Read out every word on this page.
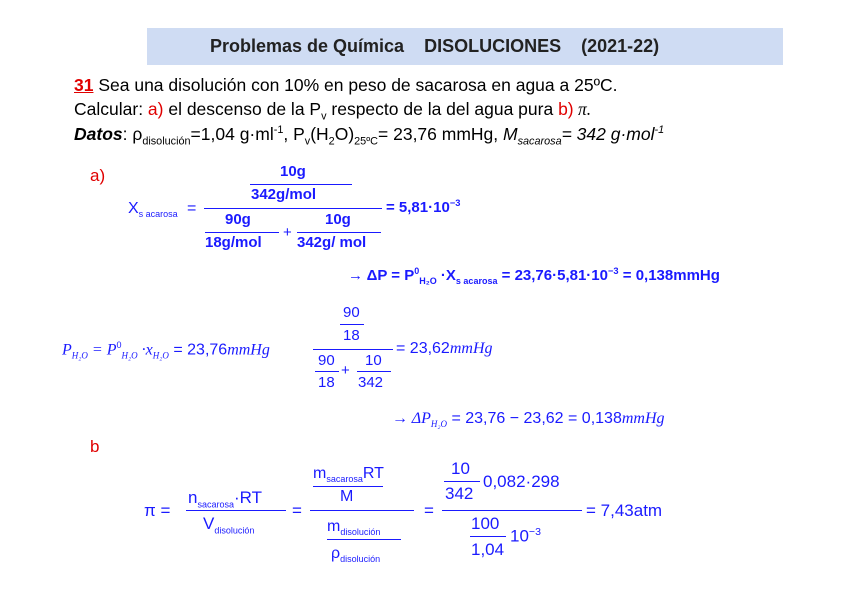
Problemas de Química DISOLUCIONES (2021-22)
31 Sea una disolución con 10% en peso de sacarosa en agua a 25ºC.
Calcular: a) el descenso de la $P_v$ respecto de la del agua pura b) π.
Datos: $\rho_{disolución}=1,04$ $g\cdot ml^{-1}$, $P_v(H_2O)_{25ºC}= 23,76$ mmHg, $M_{sacarosa}= 342$ g·mol$^{-1}$
a)
$X_{s acarosa}$ =
10g
342g/mol
90g
18g/mol
+
10g
342g/ mol
= $5,81\cdot 10^{-3}$
→ $\Delta P = P^0_{H_2O} \cdot X_{s acarosa} = 23,76\cdot 5,81\cdot 10^{-3}$ = 0,138mmHg
$P_{H_2O} = P^0_{H_2O} \cdot x_{H_2O}$ = 23,76mmHg
90
18
90
18
+
10
342
= 23,62mmHg
→ $\Delta P_{H_2O} = 23,76 - 23,62$ = 0,138mmHg
b
π =
$n_{sacarosa}\cdot RT$
$V_{disolución}$
=
$m_{sacarosa}RT$
M
$m_{disolución}$
$\rho_{disolución}$
=
10
342
0,082·298
100
1,04
$10^{-3}$
= 7,43atm
